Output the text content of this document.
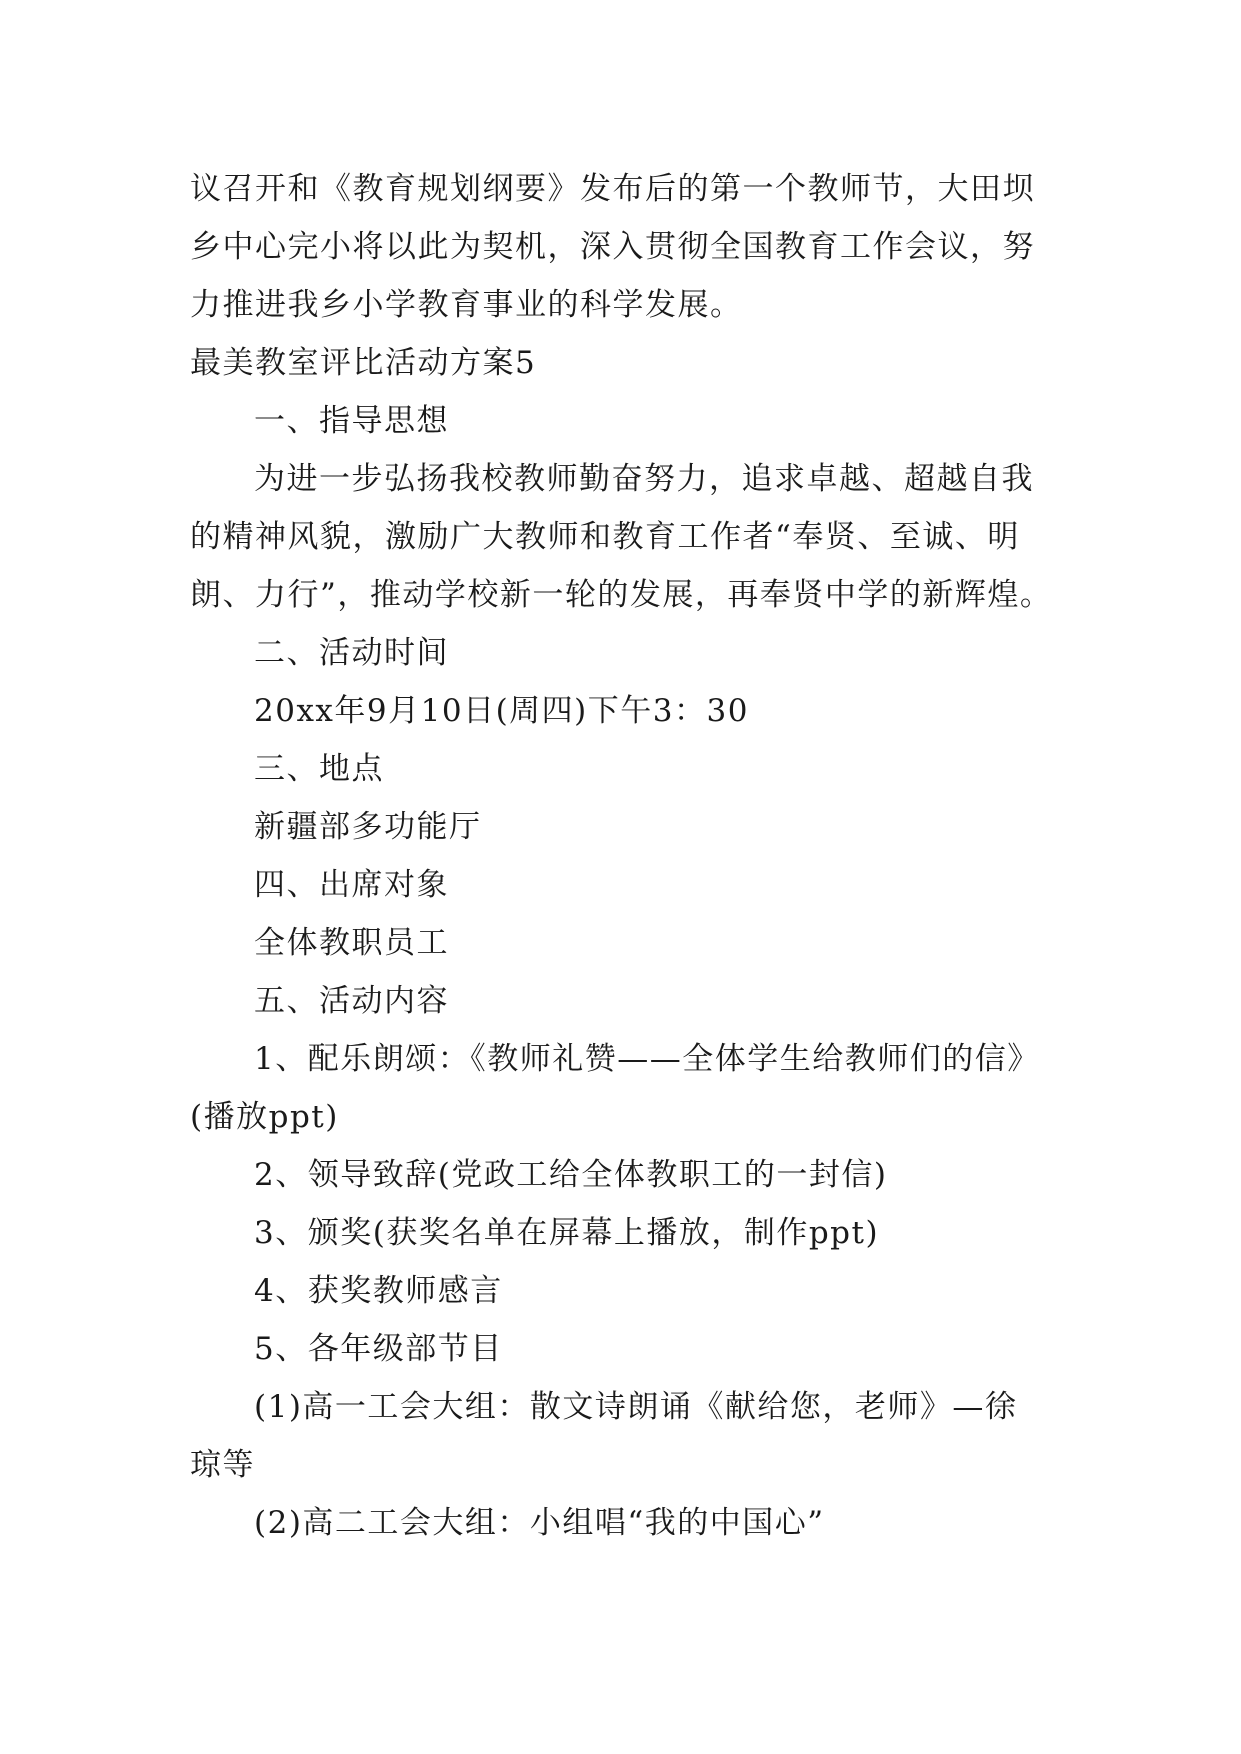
议召开和《教育规划纲要》发布后的第一个教师节，大田坝
乡中心完小将以此为契机，深入贯彻全国教育工作会议，努
力推进我乡小学教育事业的科学发展。
最美教室评比活动方案5
一、指导思想
为进一步弘扬我校教师勤奋努力，追求卓越、超越自我
的精神风貌，激励广大教师和教育工作者“奉贤、至诚、明
朗、力行”，推动学校新一轮的发展，再奉贤中学的新辉煌。
二、活动时间
20xx年9月10日(周四)下午3：30
三、地点
新疆部多功能厅
四、出席对象
全体教职员工
五、活动内容
1、配乐朗颂：《教师礼赞——全体学生给教师们的信》
(播放ppt)
2、领导致辞(党政工给全体教职工的一封信)
3、颁奖(获奖名单在屏幕上播放，制作ppt)
4、获奖教师感言
5、各年级部节目
(1)高一工会大组：散文诗朗诵《献给您，老师》—徐
琼等
(2)高二工会大组：小组唱“我的中国心”
